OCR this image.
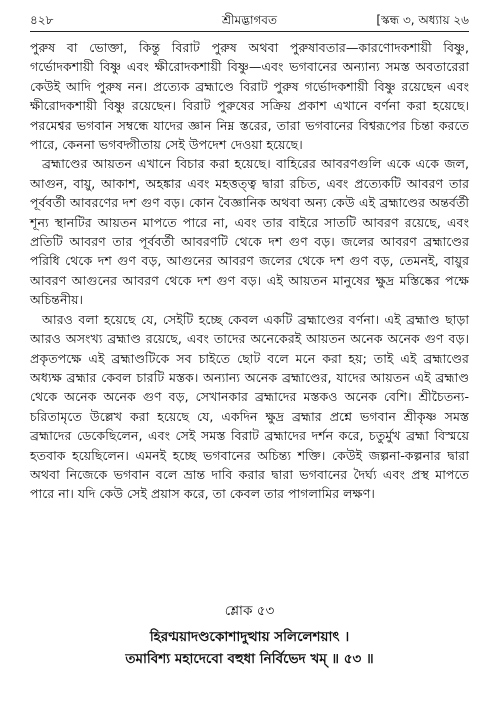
৪২৮	শ্রীমদ্ভাগবত	[স্কন্ধ ৩, অধ্যায় ২৬

পুরুষ বা ভোক্তা, কিন্তু বিরাট পুরুষ অথবা পুরুষাবতার—কারণোদকশায়ী বিষ্ণু, গর্ভোদকশায়ী বিষ্ণু এবং ক্ষীরোদকশায়ী বিষ্ণু—এবং ভগবানের অন্যান্য সমস্ত অবতারেরা কেউই আদি পুরুষ নন। প্রত্যেক ব্রহ্মাণ্ডে বিরাট পুরুষ গর্ভোদকশায়ী বিষ্ণু রয়েছেন এবং ক্ষীরোদকশায়ী বিষ্ণু রয়েছেন। বিরাট পুরুষের সক্রিয় প্রকাশ এখানে বর্ণনা করা হয়েছে। পরমেশ্বর ভগবান সম্বন্ধে যাদের জ্ঞান নিম্ন স্তরের, তারা ভগবানের বিশ্বরূপের চিন্তা করতে পারে, কেননা ভগবদ্গীতায় সেই উপদেশ দেওয়া হয়েছে।

ব্রহ্মাণ্ডের আয়তন এখানে বিচার করা হয়েছে। বাহিরের আবরণগুলি একে একে জল, আগুন, বায়ু, আকাশ, অহঙ্কার এবং মহত্তত্ত্ব দ্বারা রচিত, এবং প্রত্যেকটি আবরণ তার পূর্ববর্তী আবরণের দশ গুণ বড়। কোন বৈজ্ঞানিক অথবা অন্য কেউ এই ব্রহ্মাণ্ডের অন্তর্বর্তী শূন্য স্থানটির আয়তন মাপতে পারে না, এবং তার বাইরে সাতটি আবরণ রয়েছে, এবং প্রতিটি আবরণ তার পূর্ববর্তী আবরণটি থেকে দশ গুণ বড়। জলের আবরণ ব্রহ্মাণ্ডের পরিধি থেকে দশ গুণ বড়, আগুনের আবরণ জলের থেকে দশ গুণ বড়, তেমনই, বায়ুর আবরণ আগুনের আবরণ থেকে দশ গুণ বড়। এই আয়তন মানুষের ক্ষুদ্র মস্তিষ্কের পক্ষে অচিন্তনীয়।

আরও বলা হয়েছে যে, সেইটি হচ্ছে কেবল একটি ব্রহ্মাণ্ডের বর্ণনা। এই ব্রহ্মাণ্ড ছাড়া আরও অসংখ্য ব্রহ্মাণ্ড রয়েছে, এবং তাদের অনেকেরই আয়তন অনেক অনেক গুণ বড়। প্রকৃতপক্ষে এই ব্রহ্মাণ্ডটিকে সব চাইতে ছোট বলে মনে করা হয়; তাই এই ব্রহ্মাণ্ডের অধ্যক্ষ ব্রহ্মার কেবল চারটি মস্তক। অন্যান্য অনেক ব্রহ্মাণ্ডের, যাদের আয়তন এই ব্রহ্মাণ্ড থেকে অনেক অনেক গুণ বড়, সেখানকার ব্রহ্মাদের মস্তকও অনেক বেশি। শ্রীচৈতন্য-চরিতামৃতে উল্লেখ করা হয়েছে যে, একদিন ক্ষুদ্র ব্রহ্মার প্রশ্নে ভগবান শ্রীকৃষ্ণ সমস্ত ব্রহ্মাদের ডেকেছিলেন, এবং সেই সমস্ত বিরাট ব্রহ্মাদের দর্শন করে, চতুর্মুখ ব্রহ্মা বিস্ময়ে হতবাক হয়েছিলেন। এমনই হচ্ছে ভগবানের অচিন্ত্য শক্তি। কেউই জল্পনা-কল্পনার দ্বারা অথবা নিজেকে ভগবান বলে ভ্রান্ত দাবি করার দ্বারা ভগবানের দৈর্ঘ্য এবং প্রস্থ মাপতে পারে না। যদি কেউ সেই প্রয়াস করে, তা কেবল তার পাগলামির লক্ষণ।

শ্লোক ৫৩
হিরণ্ময়াদণ্ডকোশাদুত্থায় সলিলেশয়াৎ ।
তমাবিশ্য মহাদেবো বহুধা নির্বিভেদ খম্ ॥ ৫৩ ॥
